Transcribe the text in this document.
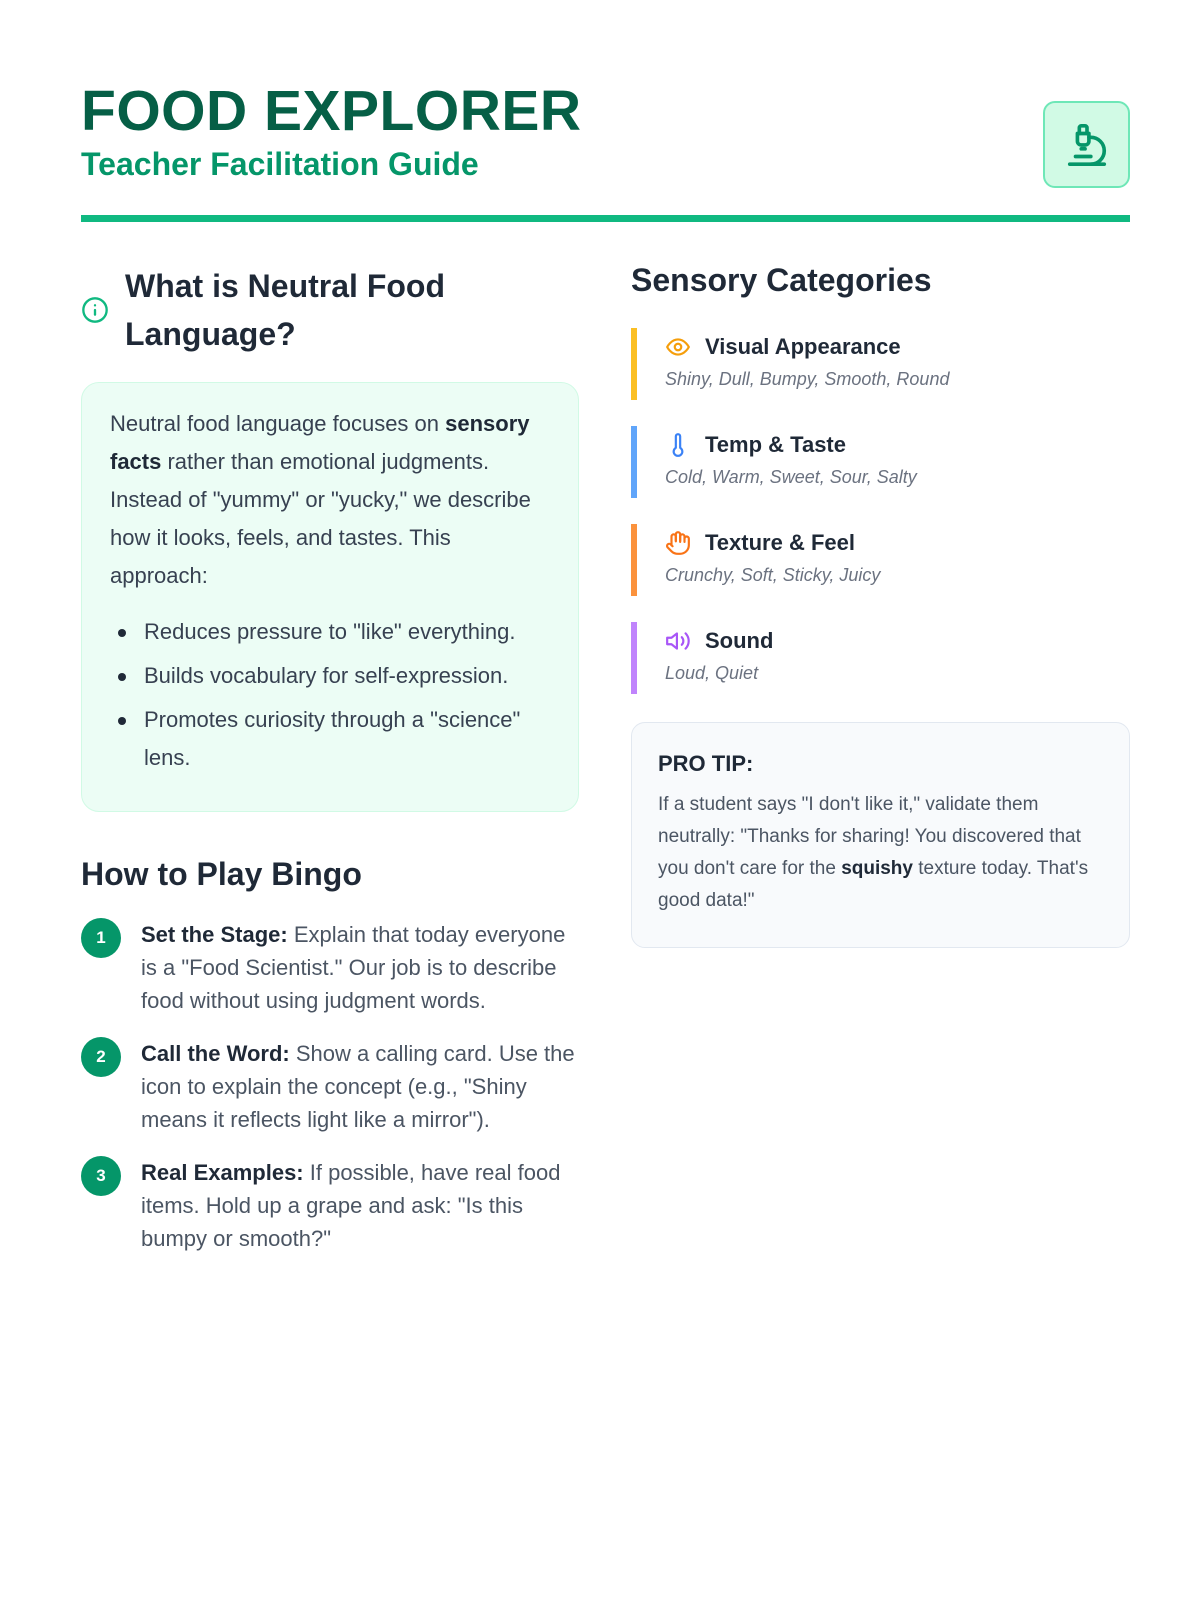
FOOD EXPLORER
Teacher Facilitation Guide
What is Neutral Food Language?

Neutral food language focuses on sensory facts rather than emotional judgments. Instead of "yummy" or "yucky," we describe how it looks, feels, and tastes. This approach:

Reduces pressure to "like" everything.
Builds vocabulary for self-expression.
Promotes curiosity through a "science" lens.
How to Play Bingo
1	Set the Stage: Explain that today everyone is a "Food Scientist." Our job is to describe food without using judgment words.

2	Call the Word: Show a calling card. Use the icon to explain the concept (e.g., "Shiny means it reflects light like a mirror").

3	Real Examples: If possible, have real food items. Hold up a grape and ask: "Is this bumpy or smooth?"

Sensory Categories
Visual Appearance
Shiny, Dull, Bumpy, Smooth, Round
Temp & Taste
Cold, Warm, Sweet, Sour, Salty
Texture & Feel
Crunchy, Soft, Sticky, Juicy
Sound
Loud, Quiet
PRO TIP:

If a student says "I don't like it," validate them neutrally: "Thanks for sharing! You discovered that you don't care for the squishy texture today. That's good data!"
